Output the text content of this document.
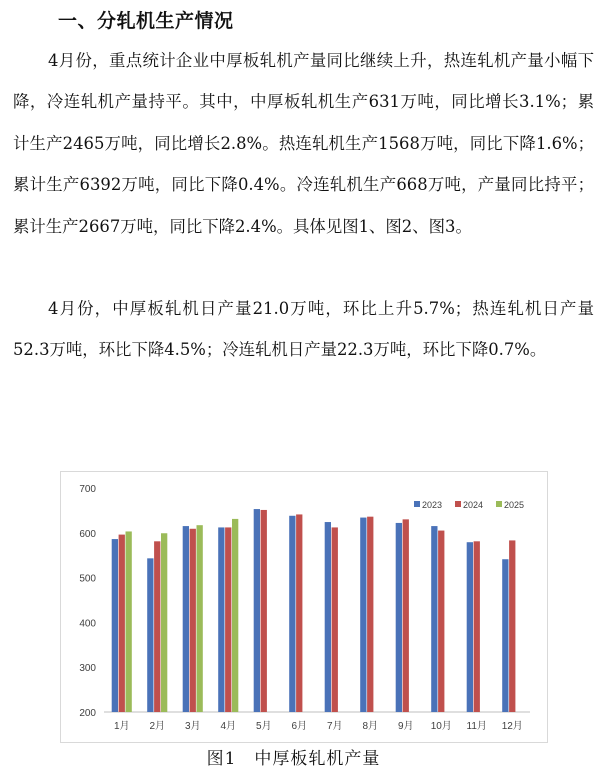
一、分轧机生产情况
4月份，重点统计企业中厚板轧机产量同比继续上升，热连轧机产量小幅下降，冷连轧机产量持平。其中，中厚板轧机生产631万吨，同比增长3.1%；累计生产2465万吨，同比增长2.8%。热连轧机生产1568万吨，同比下降1.6%；累计生产6392万吨，同比下降0.4%。冷连轧机生产668万吨，产量同比持平；累计生产2667万吨，同比下降2.4%。具体见图1、图2、图3。
4月份，中厚板轧机日产量21.0万吨，环比上升5.7%；热连轧机日产量52.3万吨，环比下降4.5%；冷连轧机日产量22.3万吨，环比下降0.7%。
200
300
400
500
600
700
1月 2月 3月 4月 5月 6月 7月 8月 9月 10月 11月 12月
2023 2024 2025
图1 中厚板轧机产量
